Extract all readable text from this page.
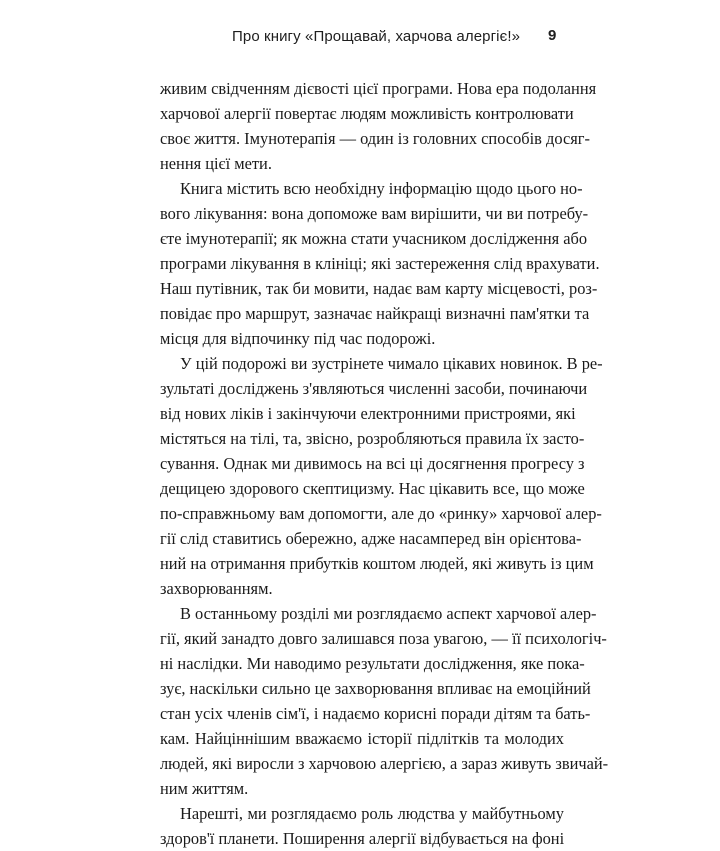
Про книгу «Прощавай, харчова алергіє!» 9
живим свідченням дієвості цієї програми. Нова ера подолання
харчової алергії повертає людям можливість контролювати
своє життя. Імунотерапія — один із головних способів досяг-
нення цієї мети.
Книга містить всю необхідну інформацію щодо цього но-
вого лікування: вона допоможе вам вирішити, чи ви потребу-
єте імунотерапії; як можна стати учасником дослідження або
програми лікування в клініці; які застереження слід врахувати.
Наш путівник, так би мовити, надає вам карту місцевості, роз-
повідає про маршрут, зазначає найкращі визначні пам'ятки та
місця для відпочинку під час подорожі.
У цій подорожі ви зустрінете чимало цікавих новинок. В ре-
зультаті досліджень з'являються численні засоби, починаючи
від нових ліків і закінчуючи електронними пристроями, які
містяться на тілі, та, звісно, розробляються правила їх засто-
сування. Однак ми дивимось на всі ці досягнення прогресу з
дещицею здорового скептицизму. Нас цікавить все, що може
по-справжньому вам допомогти, але до «ринку» харчової алер-
гії слід ставитись обережно, адже насамперед він орієнтова-
ний на отримання прибутків коштом людей, які живуть із цим
захворюванням.
В останньому розділі ми розглядаємо аспект харчової алер-
гії, який занадто довго залишався поза увагою, — її психологіч-
ні наслідки. Ми наводимо результати дослідження, яке пока-
зує, наскільки сильно це захворювання впливає на емоційний
стан усіх членів сім'ї, і надаємо корисні поради дітям та бать-
кам. Найціннішим вважаємо історії підлітків та молодих
людей, які виросли з харчовою алергією, а зараз живуть звичай-
ним життям.
Нарешті, ми розглядаємо роль людства у майбутньому
здоров'ї планети. Поширення алергії відбувається на фоні
